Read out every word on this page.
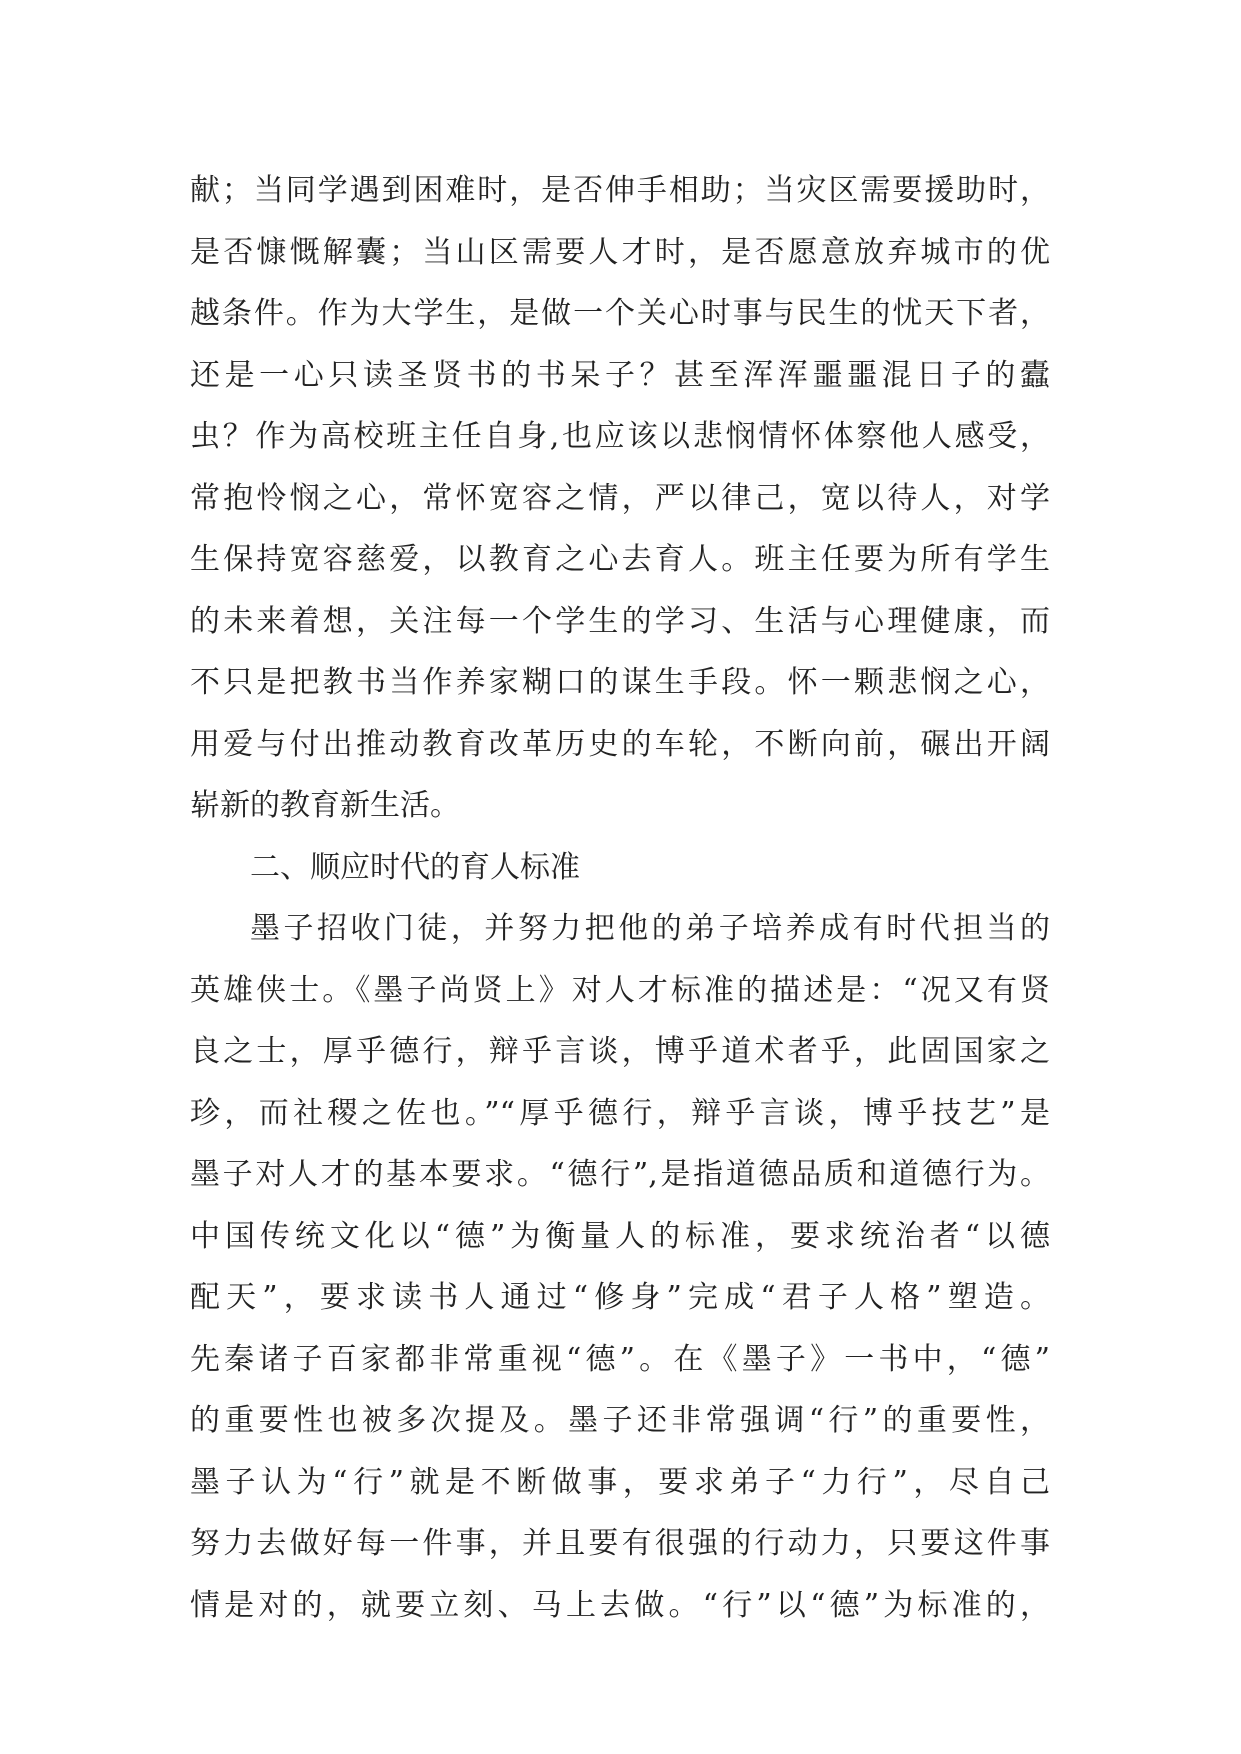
献；当同学遇到困难时，是否伸手相助；当灾区需要援助时，
是否慷慨解囊；当山区需要人才时，是否愿意放弃城市的优
越条件。作为大学生，是做一个关心时事与民生的忧天下者，
还是一心只读圣贤书的书呆子？甚至浑浑噩噩混日子的蠹
虫？作为高校班主任自身,也应该以悲悯情怀体察他人感受，
常抱怜悯之心，常怀宽容之情，严以律己，宽以待人，对学
生保持宽容慈爱，以教育之心去育人。班主任要为所有学生
的未来着想，关注每一个学生的学习、生活与心理健康，而
不只是把教书当作养家糊口的谋生手段。怀一颗悲悯之心，
用爱与付出推动教育改革历史的车轮，不断向前，碾出开阔
崭新的教育新生活。
二、顺应时代的育人标准
墨子招收门徒，并努力把他的弟子培养成有时代担当的
英雄侠士。《墨子尚贤上》对人才标准的描述是：“况又有贤
良之士，厚乎德行，辩乎言谈，博乎道术者乎，此固国家之
珍，而社稷之佐也。”“厚乎德行，辩乎言谈，博乎技艺”是
墨子对人才的基本要求。“德行”,是指道德品质和道德行为。
中国传统文化以“德”为衡量人的标准，要求统治者“以德
配天”，要求读书人通过“修身”完成“君子人格”塑造。
先秦诸子百家都非常重视“德”。在《墨子》一书中，“德”
的重要性也被多次提及。墨子还非常强调“行”的重要性，
墨子认为“行”就是不断做事，要求弟子“力行”，尽自己
努力去做好每一件事，并且要有很强的行动力，只要这件事
情是对的，就要立刻、马上去做。“行”以“德”为标准的，
